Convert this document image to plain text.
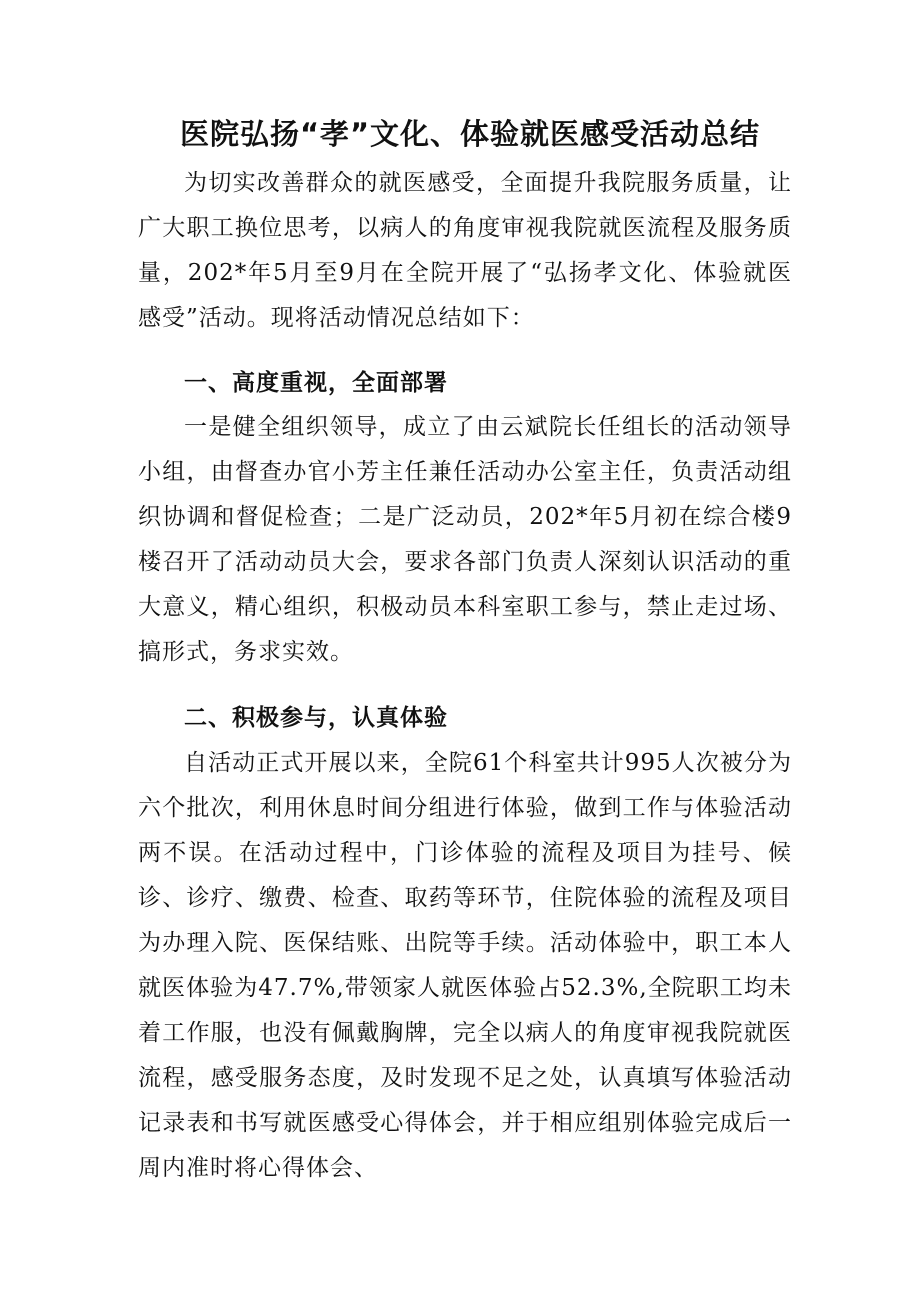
医院弘扬“孝”文化、体验就医感受活动总结

为切实改善群众的就医感受，全面提升我院服务质量，让广大职工换位思考，以病人的角度审视我院就医流程及服务质量，202*年5月至9月在全院开展了“弘扬孝文化、体验就医感受”活动。现将活动情况总结如下：

一、高度重视，全面部署

一是健全组织领导，成立了由云斌院长任组长的活动领导小组，由督查办官小芳主任兼任活动办公室主任，负责活动组织协调和督促检查；二是广泛动员，202*年5月初在综合楼9楼召开了活动动员大会，要求各部门负责人深刻认识活动的重大意义，精心组织，积极动员本科室职工参与，禁止走过场、搞形式，务求实效。

二、积极参与，认真体验

自活动正式开展以来，全院61个科室共计995人次被分为六个批次，利用休息时间分组进行体验，做到工作与体验活动两不误。在活动过程中，门诊体验的流程及项目为挂号、候诊、诊疗、缴费、检查、取药等环节，住院体验的流程及项目为办理入院、医保结账、出院等手续。活动体验中，职工本人就医体验为47.7%,带领家人就医体验占52.3%,全院职工均未着工作服，也没有佩戴胸牌，完全以病人的角度审视我院就医流程，感受服务态度，及时发现不足之处，认真填写体验活动记录表和书写就医感受心得体会，并于相应组别体验完成后一周内准时将心得体会、
